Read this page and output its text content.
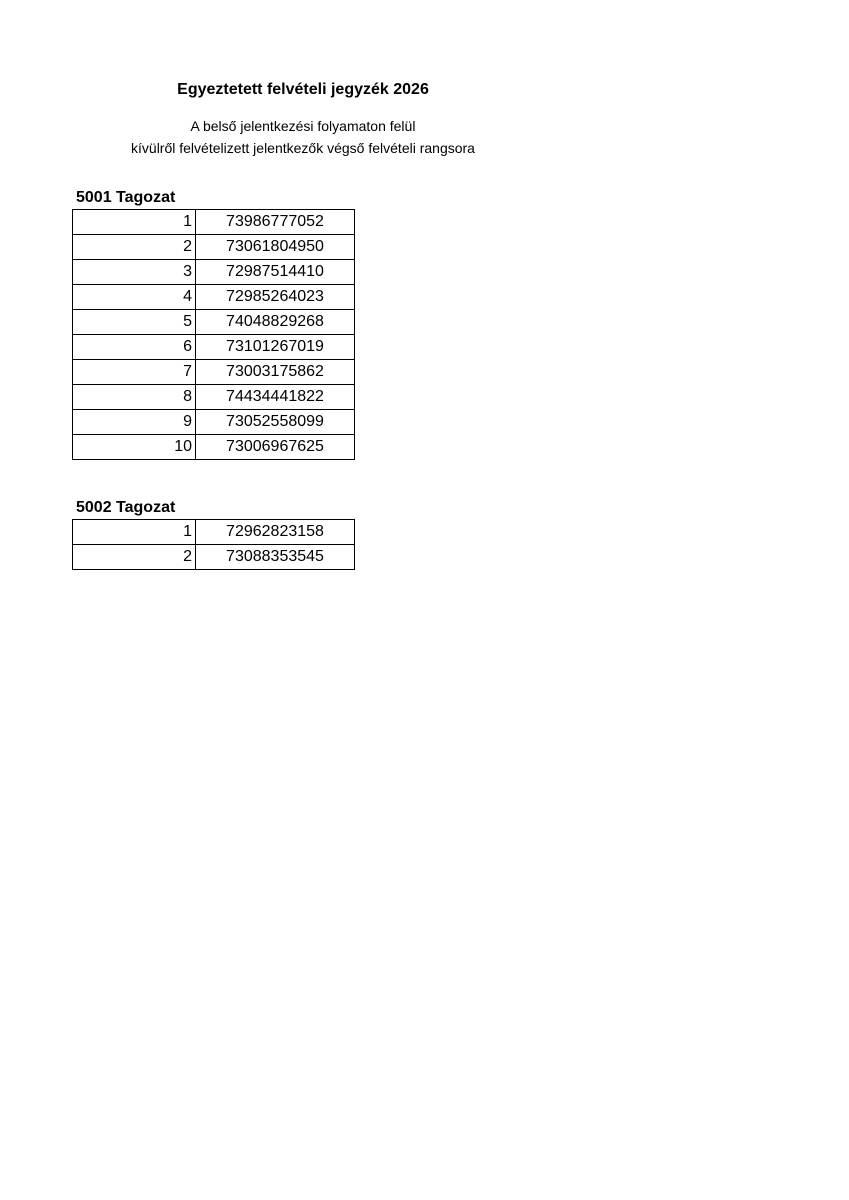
Egyeztetett felvételi jegyzék 2026
A belső jelentkezési folyamaton felül
kívülről felvételizett jelentkezők végső felvételi rangsora
5001 Tagozat
1	73986777052
2	73061804950
3	72987514410
4	72985264023
5	74048829268
6	73101267019
7	73003175862
8	74434441822
9	73052558099
10	73006967625
5002 Tagozat
1	72962823158
2	73088353545
